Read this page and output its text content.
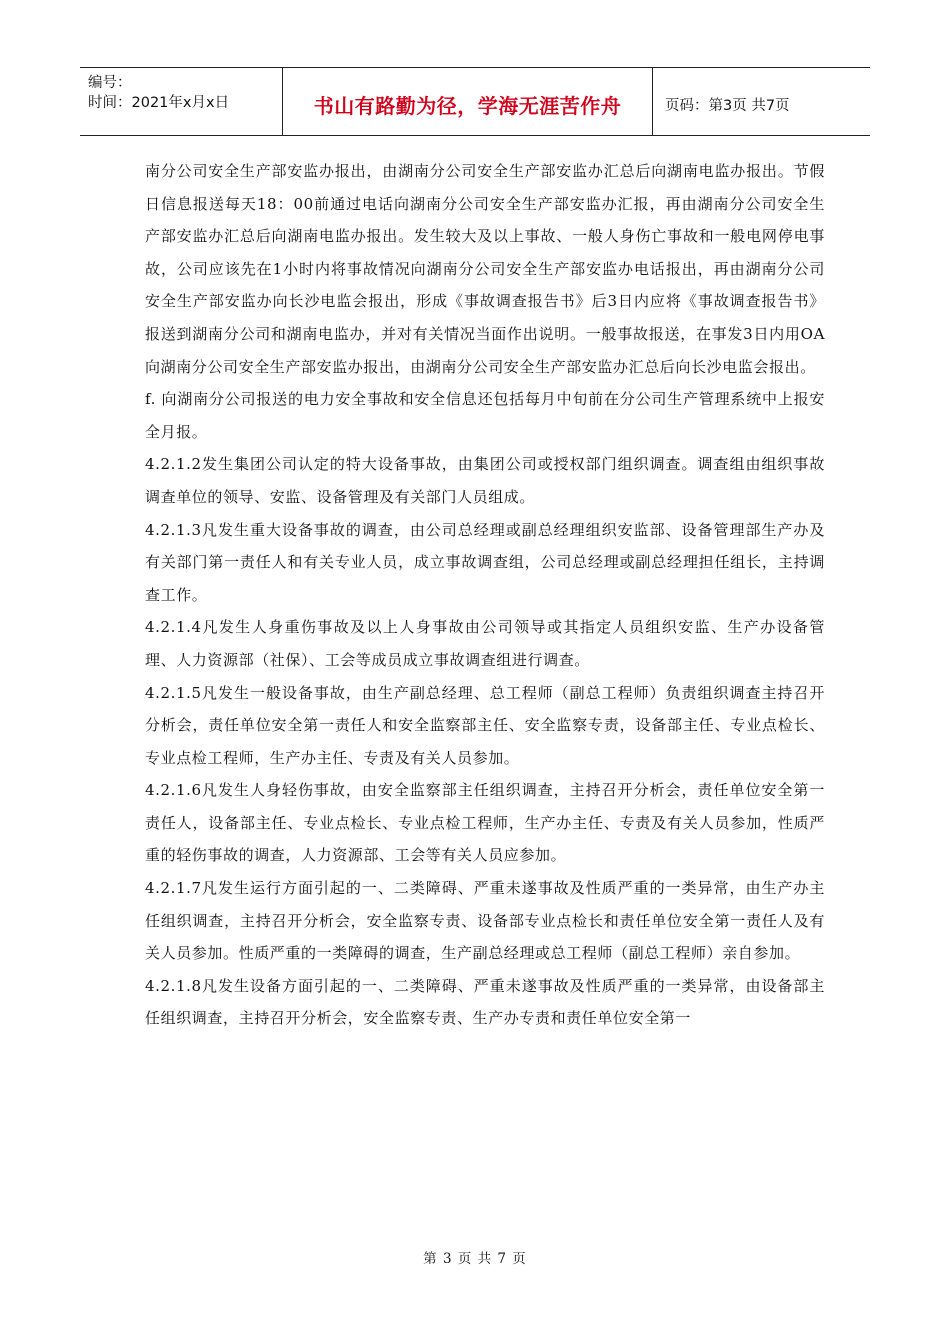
编号：
时间：2021年x月x日	书山有路勤为径，学海无涯苦作舟	页码：第3页 共7页

南分公司安全生产部安监办报出，由湖南分公司安全生产部安监办汇总后向湖南电监办报出。节假日信息报送每天18：00前通过电话向湖南分公司安全生产部安监办汇报，再由湖南分公司安全生产部安监办汇总后向湖南电监办报出。发生较大及以上事故、一般人身伤亡事故和一般电网停电事故，公司应该先在1小时内将事故情况向湖南分公司安全生产部安监办电话报出，再由湖南分公司安全生产部安监办向长沙电监会报出，形成《事故调查报告书》后3日内应将《事故调查报告书》报送到湖南分公司和湖南电监办，并对有关情况当面作出说明。一般事故报送，在事发3日内用OA向湖南分公司安全生产部安监办报出，由湖南分公司安全生产部安监办汇总后向长沙电监会报出。

f. 向湖南分公司报送的电力安全事故和安全信息还包括每月中旬前在分公司生产管理系统中上报安全月报。

4.2.1.2发生集团公司认定的特大设备事故，由集团公司或授权部门组织调查。调查组由组织事故调查单位的领导、安监、设备管理及有关部门人员组成。

4.2.1.3凡发生重大设备事故的调查，由公司总经理或副总经理组织安监部、设备管理部生产办及有关部门第一责任人和有关专业人员，成立事故调查组，公司总经理或副总经理担任组长，主持调查工作。

4.2.1.4凡发生人身重伤事故及以上人身事故由公司领导或其指定人员组织安监、生产办设备管理、人力资源部（社保）、工会等成员成立事故调查组进行调查。

4.2.1.5凡发生一般设备事故，由生产副总经理、总工程师（副总工程师）负责组织调查主持召开分析会，责任单位安全第一责任人和安全监察部主任、安全监察专责，设备部主任、专业点检长、专业点检工程师，生产办主任、专责及有关人员参加。

4.2.1.6凡发生人身轻伤事故，由安全监察部主任组织调查，主持召开分析会，责任单位安全第一责任人，设备部主任、专业点检长、专业点检工程师，生产办主任、专责及有关人员参加，性质严重的轻伤事故的调查，人力资源部、工会等有关人员应参加。

4.2.1.7凡发生运行方面引起的一、二类障碍、严重未遂事故及性质严重的一类异常，由生产办主任组织调查，主持召开分析会，安全监察专责、设备部专业点检长和责任单位安全第一责任人及有关人员参加。性质严重的一类障碍的调查，生产副总经理或总工程师（副总工程师）亲自参加。

4.2.1.8凡发生设备方面引起的一、二类障碍、严重未遂事故及性质严重的一类异常，由设备部主任组织调查，主持召开分析会，安全监察专责、生产办专责和责任单位安全第一

第 3 页 共 7 页
